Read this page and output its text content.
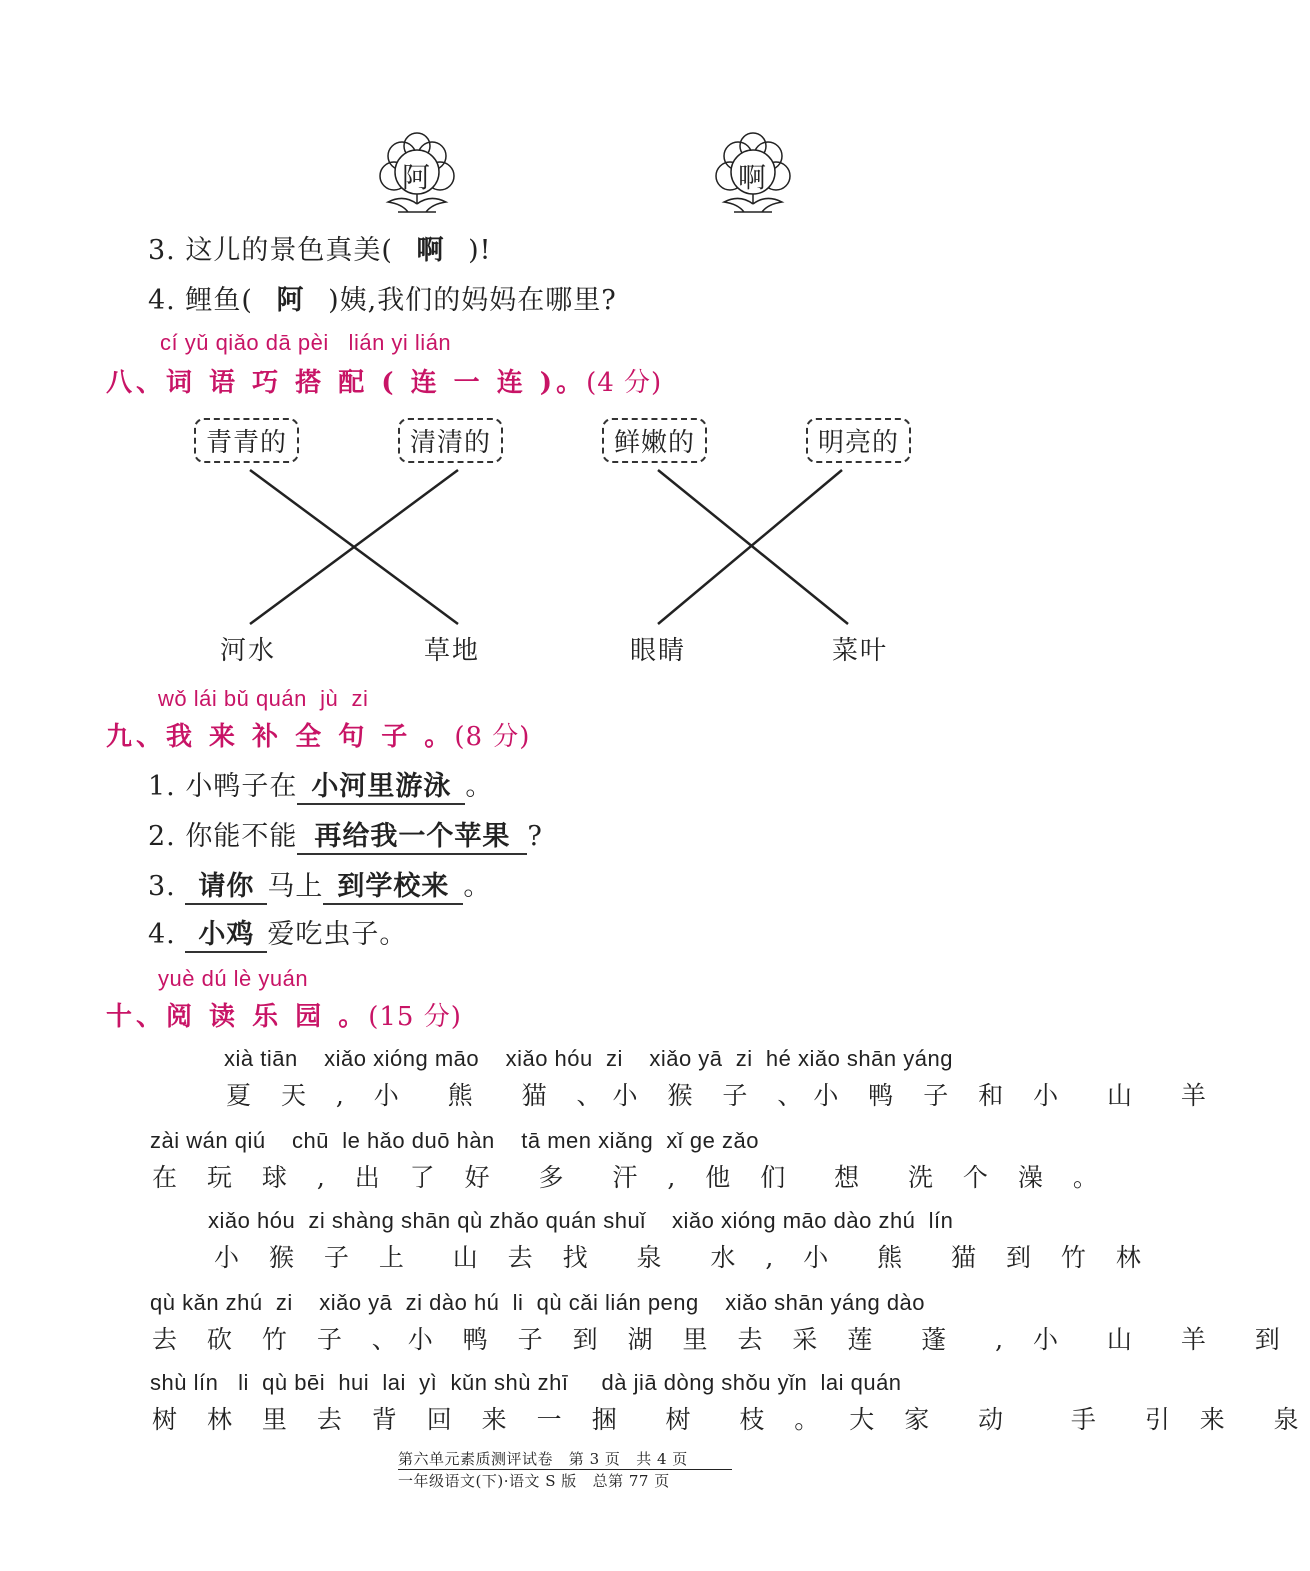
阿	啊
3. 这儿的景色真美( 啊 )!
4. 鲤鱼( 阿 )姨,我们的妈妈在哪里?
cí yǔ qiǎo dā pèi   lián yi lián
八、词 语 巧 搭 配 ( 连 一 连 )。(4 分)
青青的	清清的	鲜嫩的	明亮的
河水	草地	眼睛	菜叶
wǒ lái bǔ quán  jù  zi
九、我 来 补 全 句 子 。(8 分)
1. 小鸭子在 小河里游泳 。
2. 你能不能 再给我一个苹果 ?
3. 请你 马上 到学校来 。
4. 小鸡 爱吃虫子。
yuè dú lè yuán
十、阅 读 乐 园 。(15 分)
xià tiān    xiǎo xióng māo    xiǎo hóu  zi    xiǎo yā  zi  hé xiǎo shān yáng
夏 天 , 小  熊  猫 、小 猴 子 、小 鸭 子 和 小  山  羊
zài wán qiú    chū  le hǎo duō hàn    tā men xiǎng  xǐ ge zǎo
在 玩 球 , 出 了 好  多  汗 , 他 们  想  洗 个 澡 。
xiǎo hóu  zi shàng shān qù zhǎo quán shuǐ    xiǎo xióng māo dào zhú  lín
小 猴 子 上  山 去 找  泉  水 , 小  熊  猫 到 竹 林
qù kǎn zhú  zi    xiǎo yā  zi dào hú  li  qù cǎi lián peng    xiǎo shān yáng dào
去 砍 竹 子 、小 鸭 子 到 湖 里 去 采 莲  蓬  , 小  山  羊  到
shù lín   li  qù bēi  hui  lai  yì  kǔn shù zhī     dà jiā dòng shǒu yǐn  lai quán
树 林 里 去 背 回 来 一 捆  树  枝 。 大 家  动   手  引 来  泉
第六单元素质测评试卷   第 3 页   共 4 页
一年级语文(下)·语文 S 版   总第 77 页
